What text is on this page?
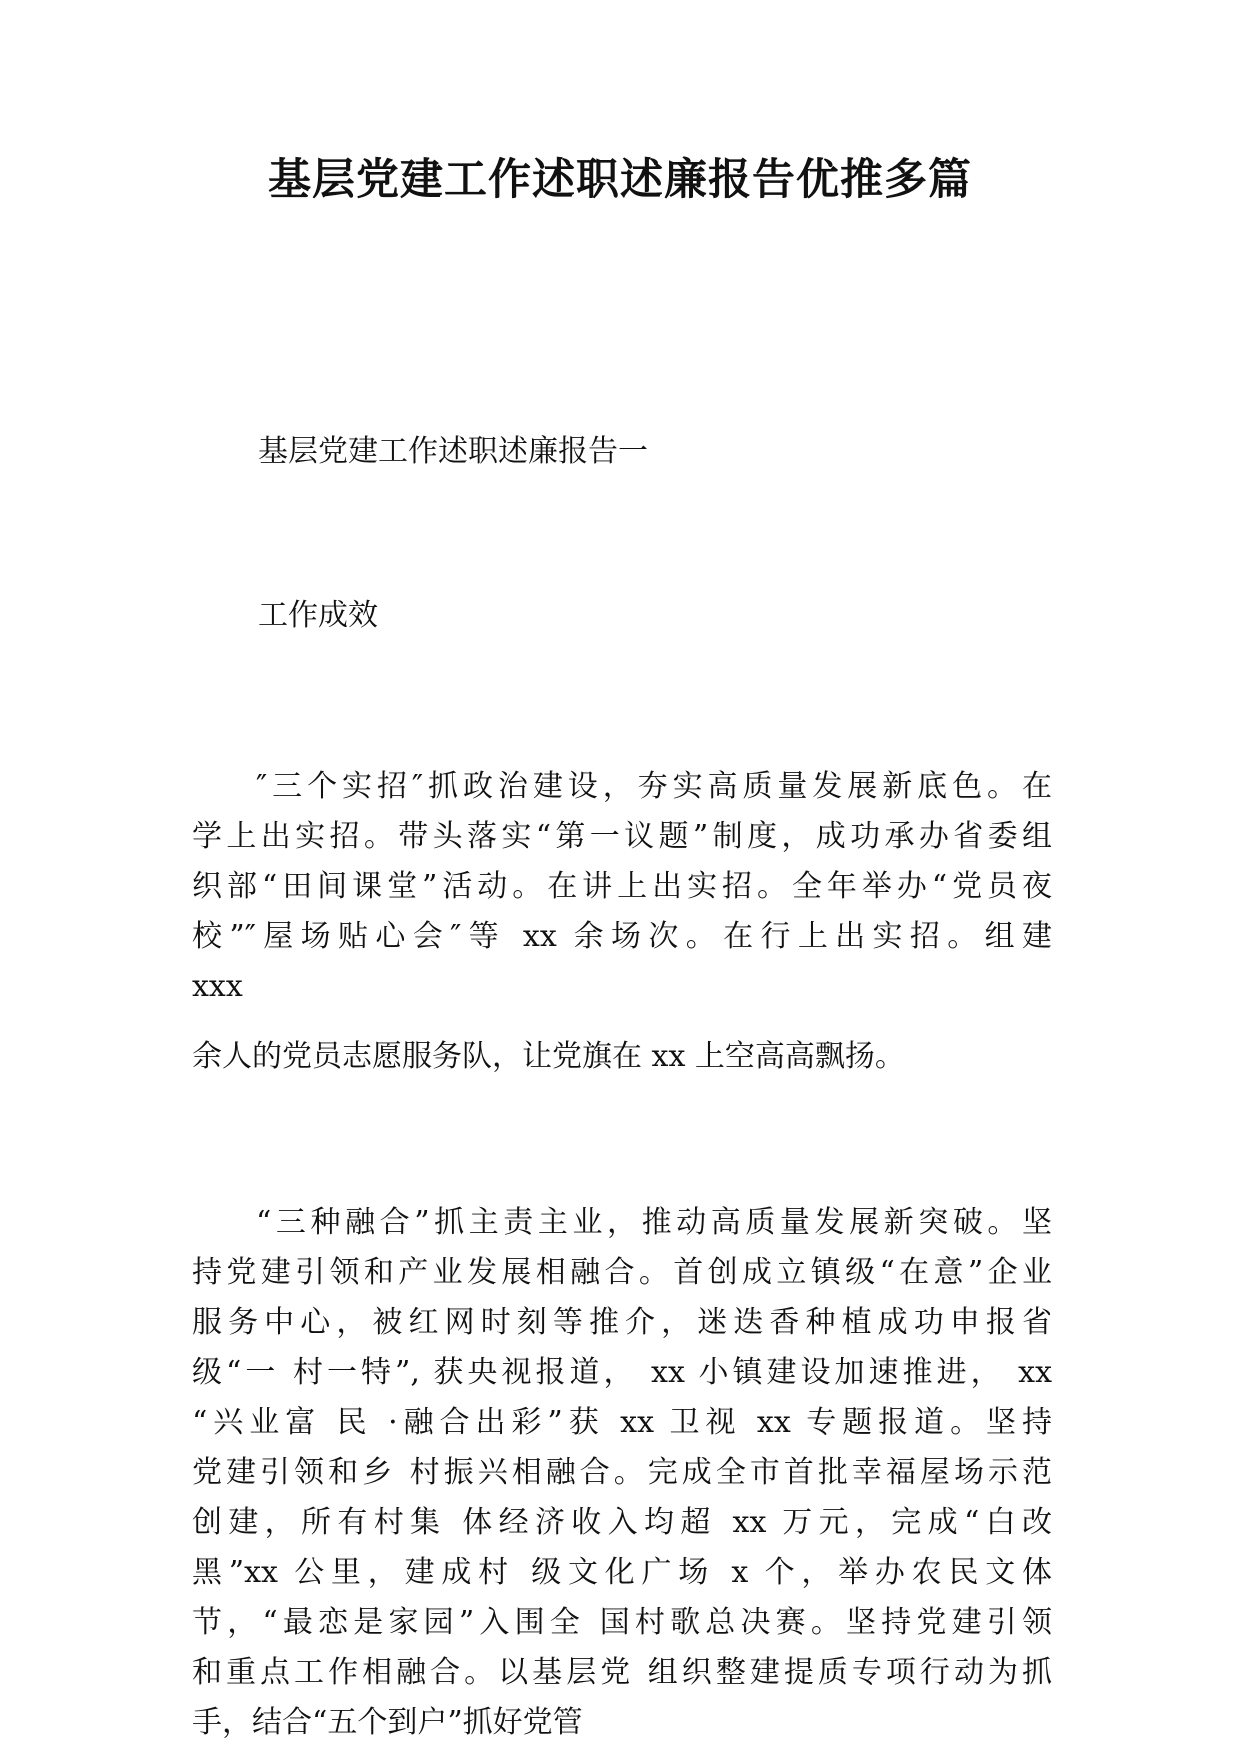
基层党建工作述职述廉报告优推多篇

基层党建工作述职述廉报告一

工作成效

″三个实招″抓政治建设，夯实高质量发展新底色。在
学上出实招。带头落实“第一议题”制度，成功承办省委组
织部“田间课堂”活动。在讲上出实招。全年举办“党员夜
校”″屋场贴心会″等 xx 余场次。在行上出实招。组建
xxx
余人的党员志愿服务队，让党旗在 xx 上空高高飘扬。
“三种融合”抓主责主业，推动高质量发展新突破。坚
持党建引领和产业发展相融合。首创成立镇级“在意”企业
服务中心，被红网时刻等推介，迷迭香种植成功申报省
级“一 村一特”, 获央视报道， xx 小镇建设加速推进， xx
“兴业富 民 ·融合出彩”获 xx 卫视 xx 专题报道。坚持
党建引领和乡 村振兴相融合。完成全市首批幸福屋场示范
创建，所有村集 体经济收入均超 xx 万元，完成“白改
黑”xx 公里，建成村 级文化广场 x 个，举办农民文体
节，“最恋是家园”入围全 国村歌总决赛。坚持党建引领
和重点工作相融合。以基层党 组织整建提质专项行动为抓
手，结合“五个到户”抓好党管
